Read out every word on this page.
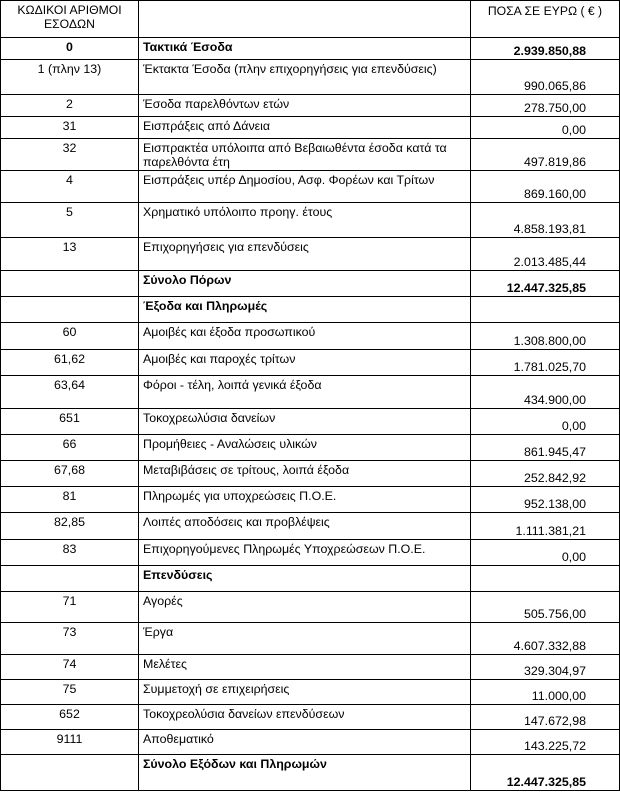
ΚΩΔΙΚΟΙ ΑΡΙΘΜΟΙ ΕΣΟΔΩΝ		ΠΟΣΑ ΣΕ ΕΥΡΩ ( € )
0	Τακτικά Έσοδα	2.939.850,88
1 (πλην 13)	Έκτακτα Έσοδα (πλην επιχορηγήσεις για επενδύσεις)	990.065,86
2	Έσοδα παρελθόντων ετών	278.750,00
31	Εισπράξεις από Δάνεια	0,00
32	Εισπρακτέα υπόλοιπα από Βεβαιωθέντα έσοδα κατά τα παρελθόντα έτη	497.819,86
4	Εισπράξεις υπέρ Δημοσίου, Ασφ. Φορέων και Τρίτων	869.160,00
5	Χρηματικό υπόλοιπο προηγ. έτους	4.858.193,81
13	Επιχορηγήσεις για επενδύσεις	2.013.485,44
	Σύνολο Πόρων	12.447.325,85
	Έξοδα και Πληρωμές	
60	Αμοιβές και έξοδα προσωπικού	1.308.800,00
61,62	Αμοιβές και παροχές τρίτων	1.781.025,70
63,64	Φόροι - τέλη, λοιπά γενικά έξοδα	434.900,00
651	Τοκοχρεωλύσια δανείων	0,00
66	Προμήθειες - Αναλώσεις υλικών	861.945,47
67,68	Μεταβιβάσεις σε τρίτους, λοιπά έξοδα	252.842,92
81	Πληρωμές για υποχρεώσεις Π.Ο.Ε.	952.138,00
82,85	Λοιπές αποδόσεις και προβλέψεις	1.111.381,21
83	Επιχορηγούμενες Πληρωμές Υποχρεώσεων Π.Ο.Ε.	0,00
	Επενδύσεις	
71	Αγορές	505.756,00
73	Έργα	4.607.332,88
74	Μελέτες	329.304,97
75	Συμμετοχή σε επιχειρήσεις	11.000,00
652	Τοκοχρεολύσια δανείων επενδύσεων	147.672,98
9111	Αποθεματικό	143.225,72
	Σύνολο Εξόδων και Πληρωμών	12.447.325,85
